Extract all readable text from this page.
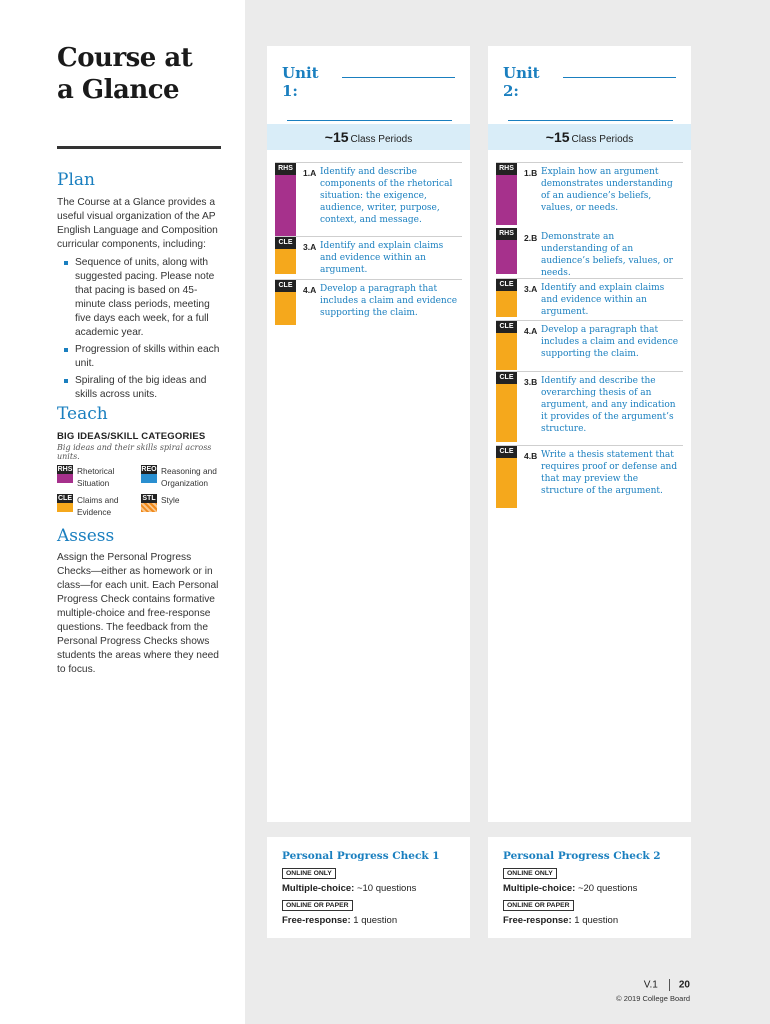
Course at
a Glance
Plan

The Course at a Glance provides a useful visual organization of the AP English Language and Composition curricular components, including:

Sequence of units, along with suggested pacing. Please note that pacing is based on 45-minute class periods, meeting five days each week, for a full academic year.
Progression of skills within each unit.
Spiraling of the big ideas and skills across units.
Teach
BIG IDEAS/SKILL CATEGORIES
Big ideas and their skills spiral across units.
RHS Rhetorical
Situation
REO Reasoning and
Organization
CLE Claims and
Evidence
STL Style
Assess

Assign the Personal Progress Checks—either as homework or in class—for each unit. Each Personal Progress Check contains formative multiple-choice and free-response questions. The feedback from the Personal Progress Checks shows students the areas where they need to focus.

Unit 1:
~15 Class Periods
RHS	1.A Identify and describe components of the rhetorical situation: the exigence, audience, writer, purpose, context, and message.
CLE	3.A Identify and explain claims and evidence within an argument.
CLE	4.A Develop a paragraph that includes a claim and evidence supporting the claim.
Unit 2:
~15 Class Periods
RHS	1.B Explain how an argument demonstrates understanding of an audience’s beliefs, values, or needs.
RHS	2.B Demonstrate an understanding of an audience’s beliefs, values, or needs.
CLE	3.A Identify and explain claims and evidence within an argument.
CLE	4.A Develop a paragraph that includes a claim and evidence supporting the claim.
CLE	3.B Identify and describe the overarching thesis of an argument, and any indication it provides of the argument’s structure.
CLE	4.B Write a thesis statement that requires proof or defense and that may preview the structure of the argument.
Personal Progress Check 1
ONLINE ONLY
Multiple-choice: ~10 questions
ONLINE OR PAPER
Free-response: 1 question
Personal Progress Check 2
ONLINE ONLY
Multiple-choice: ~20 questions
ONLINE OR PAPER
Free-response: 1 question
V.1 20
© 2019 College Board
